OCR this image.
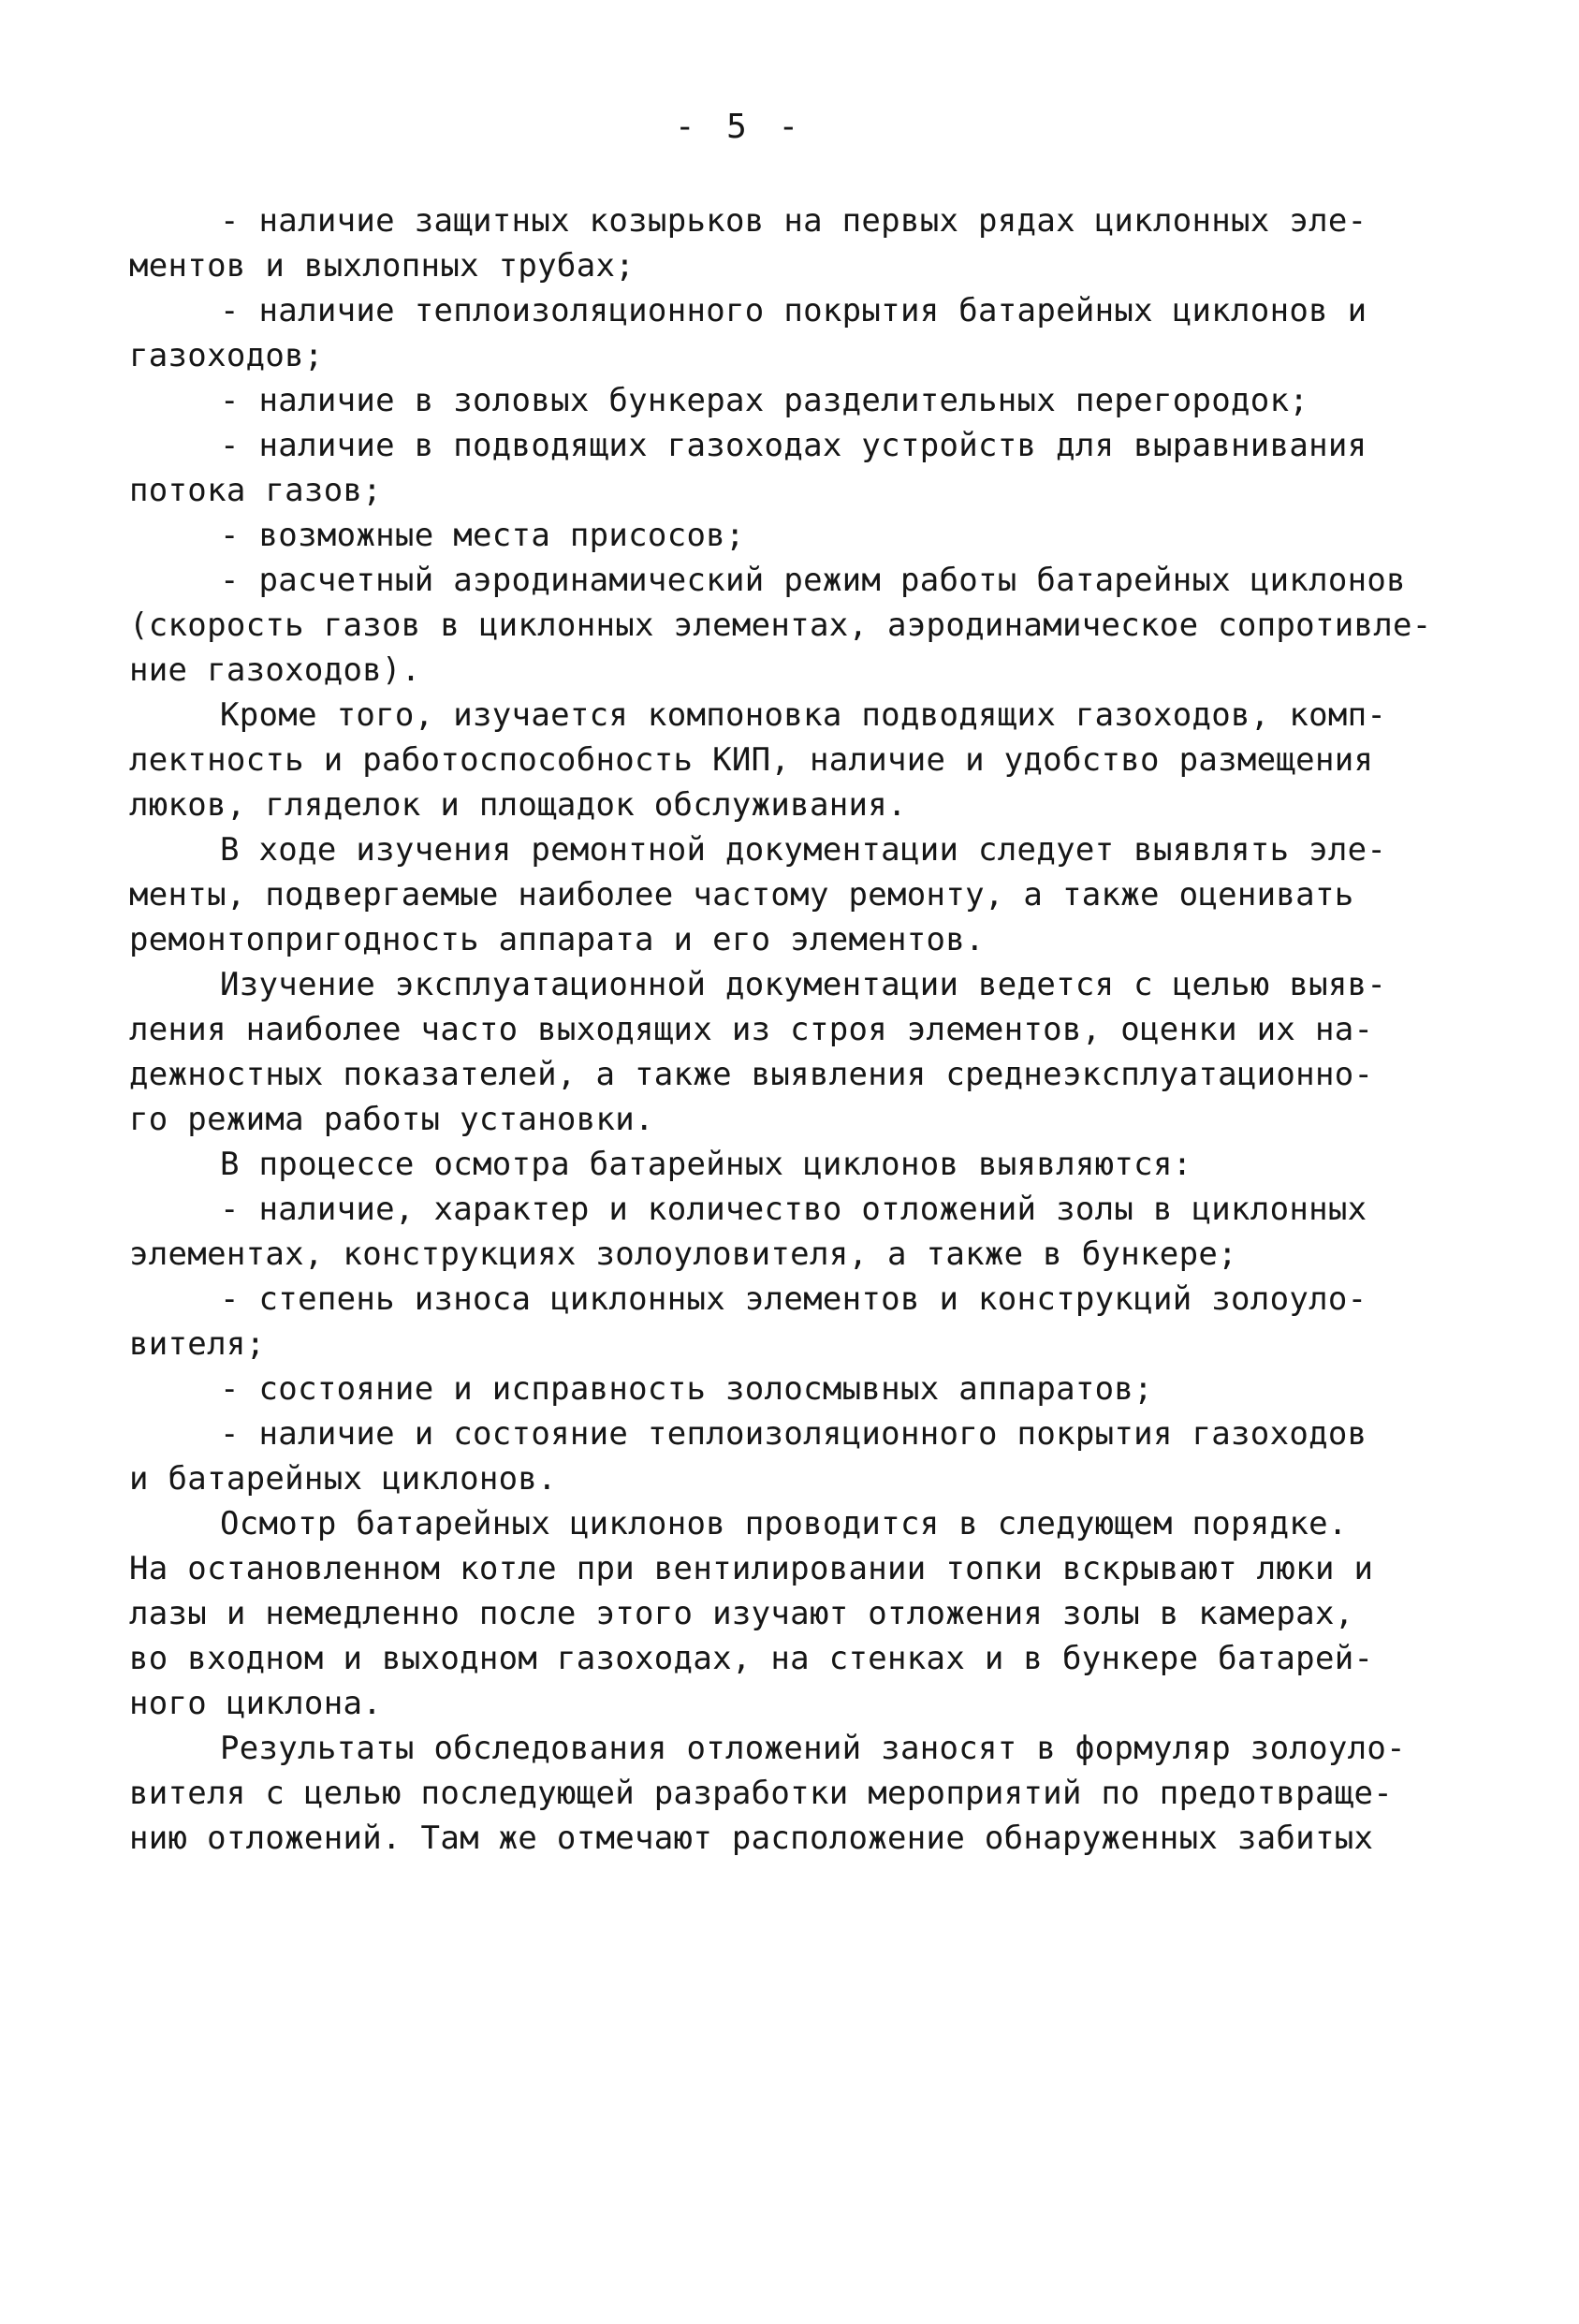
- 5 -
- наличие защитных козырьков на первых рядах циклонных эле-
ментов и выхлопных трубах;
- наличие теплоизоляционного покрытия батарейных циклонов и
газоходов;
- наличие в золовых бункерах разделительных перегородок;
- наличие в подводящих газоходах устройств для выравнивания
потока газов;
- возможные места присосов;
- расчетный аэродинамический режим работы батарейных циклонов
(скорость газов в циклонных элементах, аэродинамическое сопротивле-
ние газоходов).
Кроме того, изучается компоновка подводящих газоходов, комп-
лектность и работоспособность КИП, наличие и удобство размещения
люков, гляделок и площадок обслуживания.
В ходе изучения ремонтной документации следует выявлять эле-
менты, подвергаемые наиболее частому ремонту, а также оценивать
ремонтопригодность аппарата и его элементов.
Изучение эксплуатационной документации ведется с целью выяв-
ления наиболее часто выходящих из строя элементов, оценки их на-
дежностных показателей, а также выявления среднеэксплуатационно-
го режима работы установки.
В процессе осмотра батарейных циклонов выявляются:
- наличие, характер и количество отложений золы в циклонных
элементах, конструкциях золоуловителя, а также в бункере;
- степень износа циклонных элементов и конструкций золоуло-
вителя;
- состояние и исправность золосмывных аппаратов;
- наличие и состояние теплоизоляционного покрытия газоходов
и батарейных циклонов.
Осмотр батарейных циклонов проводится в следующем порядке.
На остановленном котле при вентилировании топки вскрывают люки и
лазы и немедленно после этого изучают отложения золы в камерах,
во входном и выходном газоходах, на стенках и в бункере батарей-
ного циклона.
Результаты обследования отложений заносят в формуляр золоуло-
вителя с целью последующей разработки мероприятий по предотвраще-
нию отложений. Там же отмечают расположение обнаруженных забитых
